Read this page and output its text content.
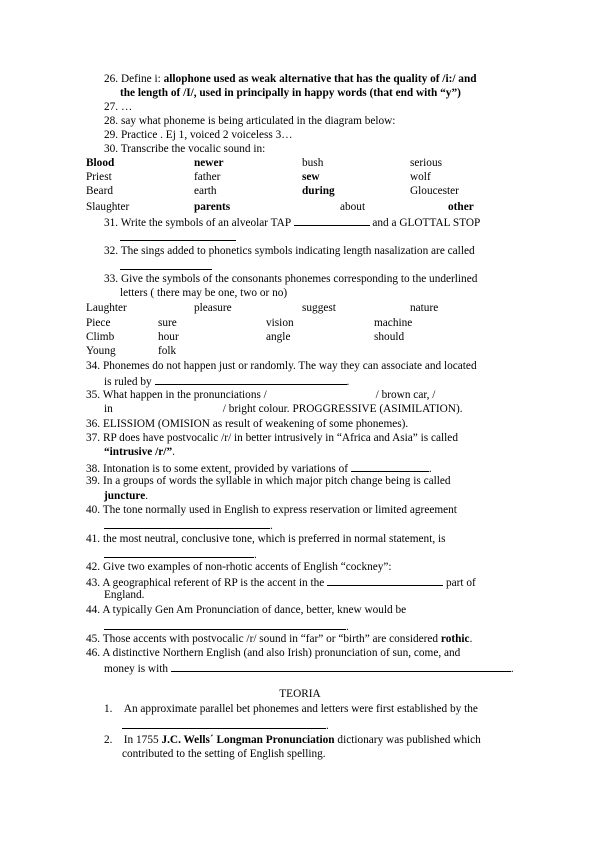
26. Define i: allophone used as weak alternative that has the quality of /i:/ and
the length of /I/, used in principally in happy words (that end with “y”)
27. …
28. say what phoneme is being articulated in the diagram below:
29. Practice . Ej 1, voiced 2 voiceless 3…
30. Transcribe the vocalic sound in:
Blood	newer	bush	serious
Priest	father	sew	wolf
Beard	earth	during	Gloucester
Slaughter	parents	about	other
31. Write the symbols of an alveolar TAP	and a GLOTTAL STOP
32. The sings added to phonetics symbols indicating length nasalization are called
33. Give the symbols of the consonants phonemes corresponding to the underlined
letters ( there may be one, two or no)
Laughter	pleasure	suggest	nature
Piece	sure	vision	machine
Climb	hour	angle	should
Young	folk
34. Phonemes do not happen just or randomly. The way they can associate and located
is ruled by	.
35. What happen in the pronunciations /	/ brown car, /
in	/ bright colour. PROGGRESSIVE (ASIMILATION).
36. ELISSIOM (OMISION as result of weakening of some phonemes).
37. RP does have postvocalic /r/ in better intrusively in “Africa and Asia” is called
“intrusive /r/”.
38. Intonation is to some extent, provided by variations of	.
39. In a groups of words the syllable in which major pitch change being is called
juncture.
40. The tone normally used in English to express reservation or limited agreement
.
41. the most neutral, conclusive tone, which is preferred in normal statement, is
.
42. Give two examples of non-rhotic accents of English “cockney”:
43. A geographical referent of RP is the accent in the	part of
England.
44. A typically Gen Am Pronunciation of dance, better, knew would be
.
45. Those accents with postvocalic /r/ sound in “far” or “birth” are considered rothic.
46. A distinctive Northern English (and also Irish) pronunciation of sun, come, and
money is with	.
TEORIA
1. An approximate parallel bet phonemes and letters were first established by the
.
2. In 1755 J.C. Wells´ Longman Pronunciation dictionary was published which
contributed to the setting of English spelling.
